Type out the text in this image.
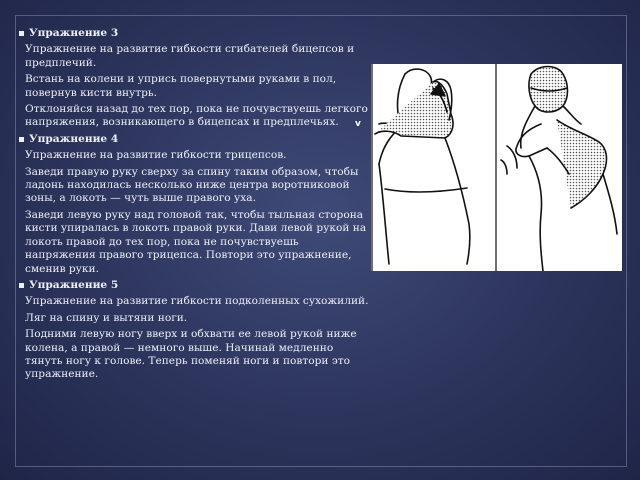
Упражнение 3
Упражнение на развитие гибкости сгибателей бицепсов и предплечий.
Встань на колени и упрись повернутыми руками в пол, повернув кисти внутрь.
Отклоняйся назад до тех пор, пока не почувствуешь легкого напряжения, возникающего в бицепсах и предплечьях.
Упражнение 4
Упражнение на развитие гибкости трицепсов.
Заведи правую руку сверху за спину таким образом, чтобы ладонь находилась несколько ниже центра воротниковой зоны, а локоть — чуть выше правого уха.
Заведи левую руку над головой так, чтобы тыльная сторона кисти упиралась в локоть правой руки. Дави левой рукой на локоть правой до тех пор, пока не почувствуешь напряжения правого трицепса. Повтори это упражнение, сменив руки.
Упражнение 5
Упражнение на развитие гибкости подколенных сухожилий.
Ляг на спину и вытяни ноги.
Подними левую ногу вверх и обхвати ее левой рукой ниже колена, а правой — немного выше. Начинай медленно тянуть ногу к голове. Теперь поменяй ноги и повтори это упражнение.
v
